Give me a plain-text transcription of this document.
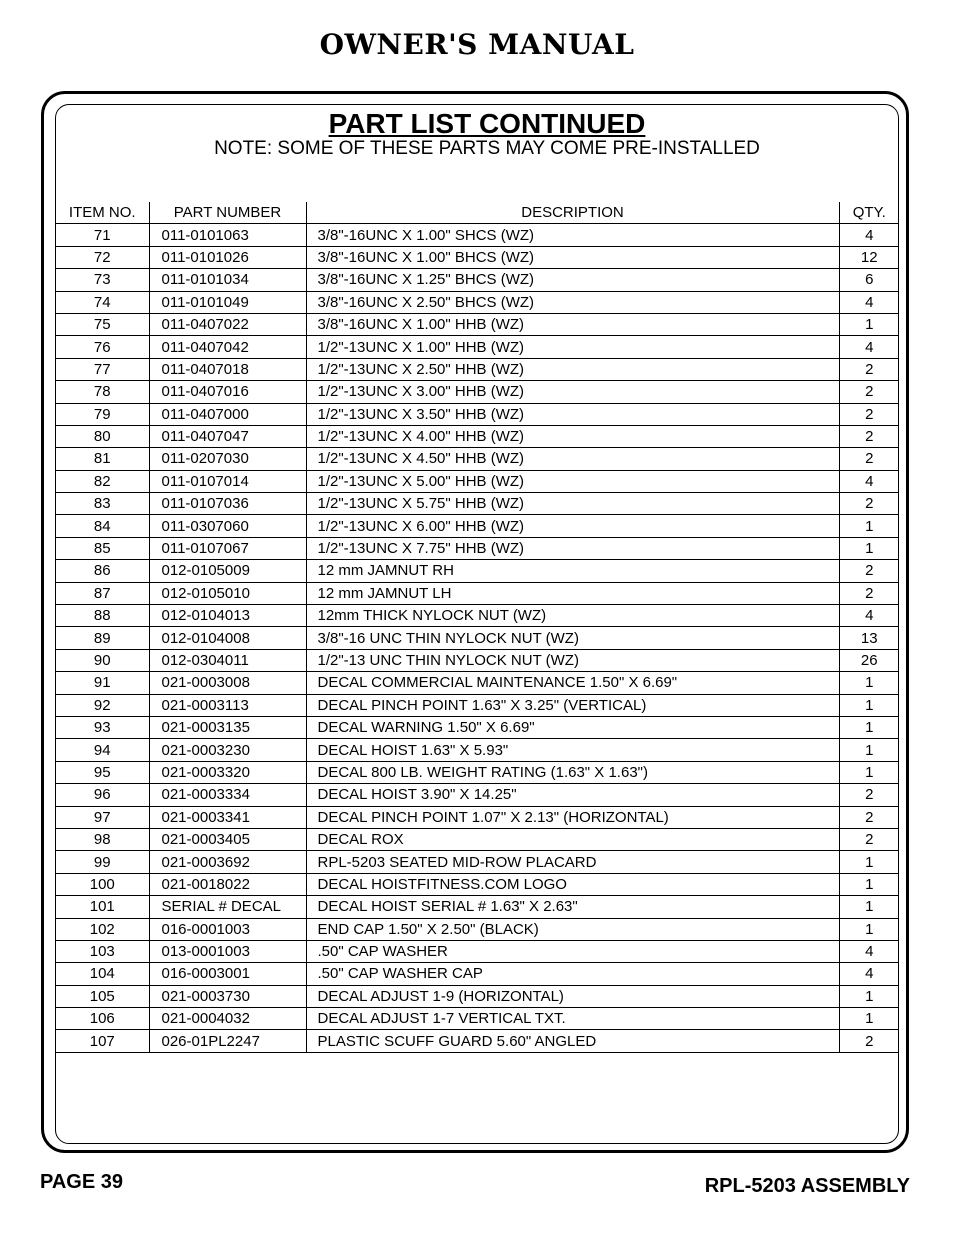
OWNER'S MANUAL
PART LIST CONTINUED
NOTE: SOME OF THESE PARTS MAY COME PRE-INSTALLED
ITEM NO.	PART NUMBER	DESCRIPTION	QTY.
71	011-0101063	3/8"-16UNC X 1.00" SHCS (WZ)	4
72	011-0101026	3/8"-16UNC X 1.00" BHCS (WZ)	12
73	011-0101034	3/8"-16UNC X 1.25" BHCS (WZ)	6
74	011-0101049	3/8"-16UNC X 2.50" BHCS (WZ)	4
75	011-0407022	3/8"-16UNC X 1.00" HHB (WZ)	1
76	011-0407042	1/2"-13UNC X 1.00" HHB (WZ)	4
77	011-0407018	1/2"-13UNC X 2.50" HHB (WZ)	2
78	011-0407016	1/2"-13UNC X 3.00" HHB (WZ)	2
79	011-0407000	1/2"-13UNC X 3.50" HHB (WZ)	2
80	011-0407047	1/2"-13UNC X 4.00" HHB (WZ)	2
81	011-0207030	1/2"-13UNC X 4.50" HHB (WZ)	2
82	011-0107014	1/2"-13UNC X 5.00" HHB (WZ)	4
83	011-0107036	1/2"-13UNC X 5.75" HHB (WZ)	2
84	011-0307060	1/2"-13UNC X 6.00" HHB (WZ)	1
85	011-0107067	1/2"-13UNC X 7.75" HHB (WZ)	1
86	012-0105009	12 mm JAMNUT RH	2
87	012-0105010	12 mm JAMNUT LH	2
88	012-0104013	12mm THICK NYLOCK NUT (WZ)	4
89	012-0104008	3/8"-16 UNC THIN NYLOCK NUT (WZ)	13
90	012-0304011	1/2"-13 UNC THIN NYLOCK NUT (WZ)	26
91	021-0003008	DECAL COMMERCIAL MAINTENANCE 1.50" X 6.69"	1
92	021-0003113	DECAL PINCH POINT 1.63" X 3.25" (VERTICAL)	1
93	021-0003135	DECAL WARNING 1.50" X 6.69"	1
94	021-0003230	DECAL HOIST 1.63" X 5.93"	1
95	021-0003320	DECAL 800 LB. WEIGHT RATING (1.63" X 1.63")	1
96	021-0003334	DECAL HOIST 3.90" X 14.25"	2
97	021-0003341	DECAL PINCH POINT 1.07" X 2.13" (HORIZONTAL)	2
98	021-0003405	DECAL ROX	2
99	021-0003692	RPL-5203 SEATED MID-ROW PLACARD	1
100	021-0018022	DECAL HOISTFITNESS.COM LOGO	1
101	SERIAL # DECAL	DECAL HOIST SERIAL # 1.63" X 2.63"	1
102	016-0001003	END CAP 1.50" X 2.50" (BLACK)	1
103	013-0001003	.50" CAP WASHER	4
104	016-0003001	.50" CAP WASHER CAP	4
105	021-0003730	DECAL ADJUST 1-9 (HORIZONTAL)	1
106	021-0004032	DECAL ADJUST 1-7 VERTICAL TXT.	1
107	026-01PL2247	PLASTIC SCUFF GUARD 5.60" ANGLED	2
PAGE 39	RPL-5203 ASSEMBLY
